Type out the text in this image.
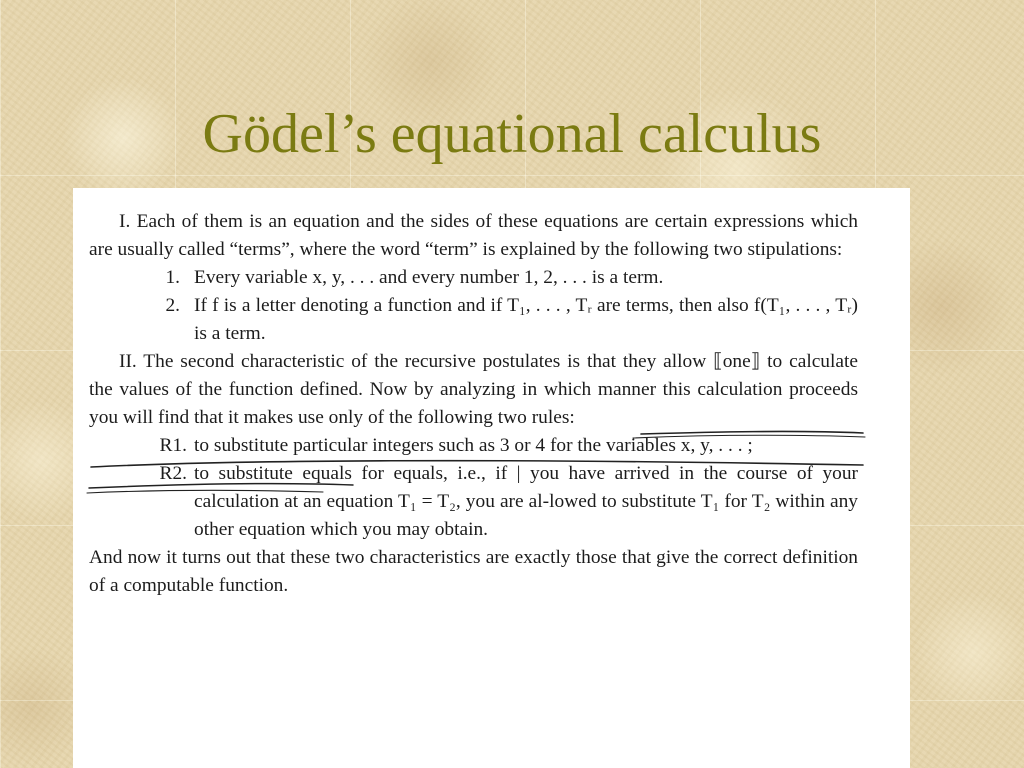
Gӧdel’s equational calculus

I. Each of them is an equation and the sides of these equations are certain expressions which are usually called “terms”, where the word “term” is explained by the following two stipulations:

1. Every variable x, y, . . . and every number 1, 2, . . . is a term.
2. If f is a letter denoting a function and if T₁, . . . , Tᵣ are terms, then also f(T₁, . . . , Tᵣ) is a term.

II. The second characteristic of the recursive postulates is that they allow ⟦one⟧ to calculate the values of the function defined. Now by analyzing in which manner this calculation proceeds you will find that it makes use only of the following two rules:

R1. to substitute particular integers such as 3 or 4 for the variables x, y, . . . ;
R2. to substitute equals for equals, i.e., if | you have arrived in the course of your calculation at an equation T₁ = T₂, you are al-lowed to substitute T₁ for T₂ within any other equation which you may obtain.

And now it turns out that these two characteristics are exactly those that give the correct definition of a computable function.
